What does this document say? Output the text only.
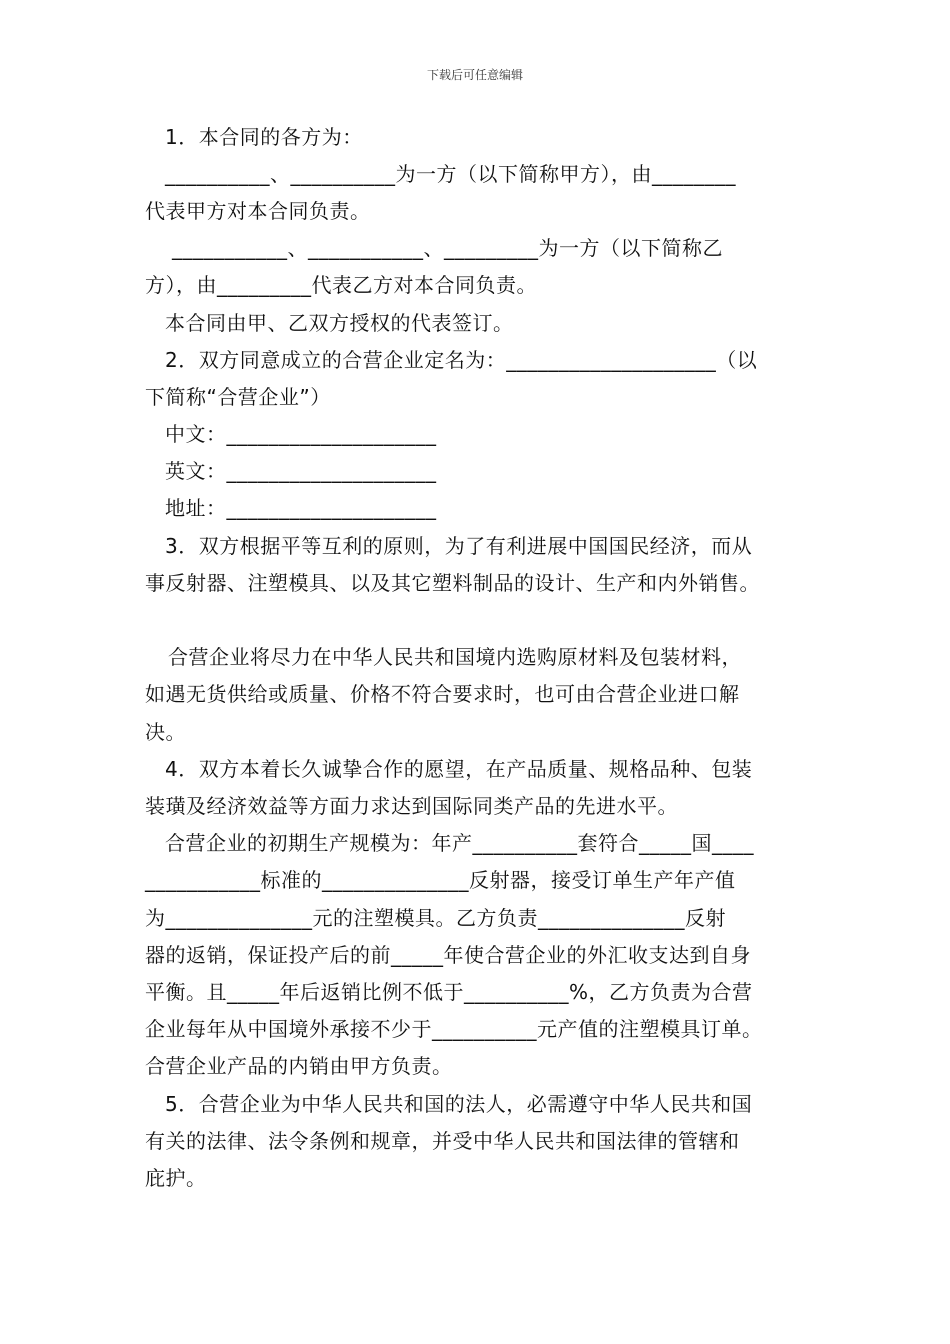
下载后可任意编辑
1．本合同的各方为：
__________、__________为一方（以下简称甲方），由________
代表甲方对本合同负责。
___________、___________、_________为一方（以下简称乙
方），由_________代表乙方对本合同负责。
本合同由甲、乙双方授权的代表签订。
2．双方同意成立的合营企业定名为：____________________（以
下简称“合营企业”）
中文：____________________
英文：____________________
地址：____________________
3．双方根据平等互利的原则，为了有利进展中国国民经济，而从
事反射器、注塑模具、以及其它塑料制品的设计、生产和内外销售。
合营企业将尽力在中华人民共和国境内选购原材料及包装材料，
如遇无货供给或质量、价格不符合要求时，也可由合营企业进口解
决。
4．双方本着长久诚挚合作的愿望，在产品质量、规格品种、包装
装璜及经济效益等方面力求达到国际同类产品的先进水平。
合营企业的初期生产规模为：年产__________套符合_____国____
___________标准的______________反射器，接受订单生产年产值
为______________元的注塑模具。乙方负责______________反射
器的返销，保证投产后的前_____年使合营企业的外汇收支达到自身
平衡。且_____年后返销比例不低于__________%，乙方负责为合营
企业每年从中国境外承接不少于__________元产值的注塑模具订单。
合营企业产品的内销由甲方负责。
5．合营企业为中华人民共和国的法人，必需遵守中华人民共和国
有关的法律、法令条例和规章，并受中华人民共和国法律的管辖和
庇护。
